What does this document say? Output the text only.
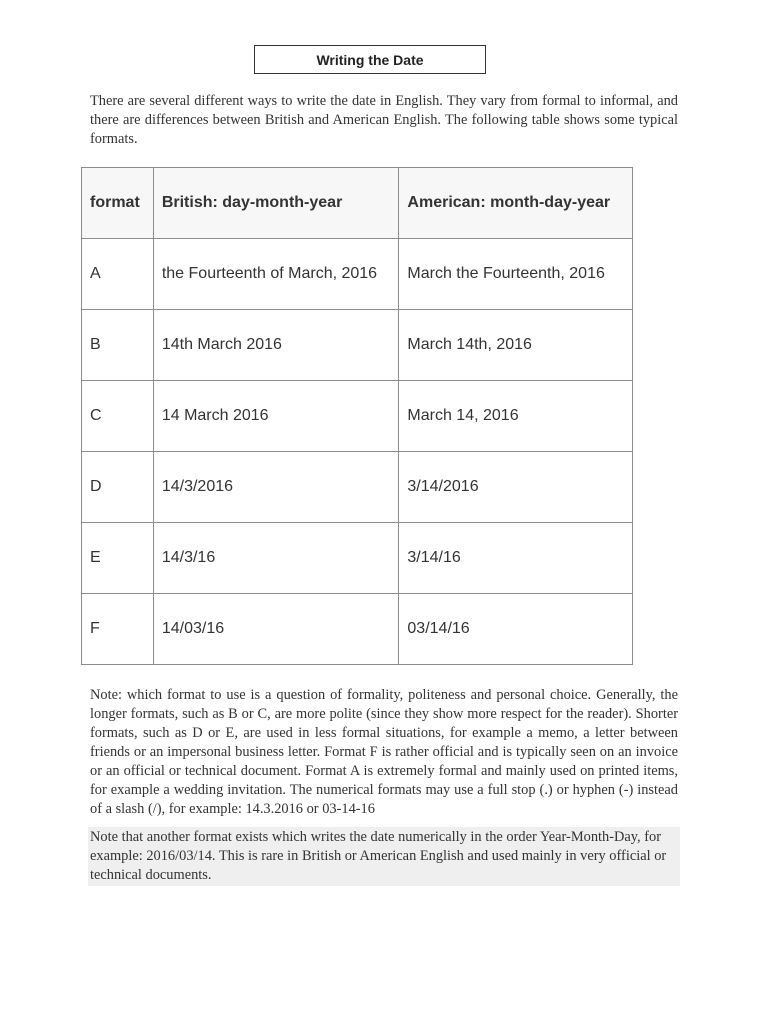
Writing the Date

There are several different ways to write the date in English. They vary from formal to informal, and there are differences between British and American English. The following table shows some typical formats.

format	British: day-month-year	American: month-day-year
A	the Fourteenth of March, 2016	March the Fourteenth, 2016
B	14th March 2016	March 14th, 2016
C	14 March 2016	March 14, 2016
D	14/3/2016	3/14/2016
E	14/3/16	3/14/16
F	14/03/16	03/14/16

Note: which format to use is a question of formality, politeness and personal choice. Generally, the longer formats, such as B or C, are more polite (since they show more respect for the reader). Shorter formats, such as D or E, are used in less formal situations, for example a memo, a letter between friends or an impersonal business letter. Format F is rather official and is typically seen on an invoice or an official or technical document. Format A is extremely formal and mainly used on printed items, for example a wedding invitation. The numerical formats may use a full stop (.) or hyphen (-) instead of a slash (/), for example: 14.3.2016 or 03-14-16

Note that another format exists which writes the date numerically in the order Year-Month-Day, for example: 2016/03/14. This is rare in British or American English and used mainly in very official or technical documents.
